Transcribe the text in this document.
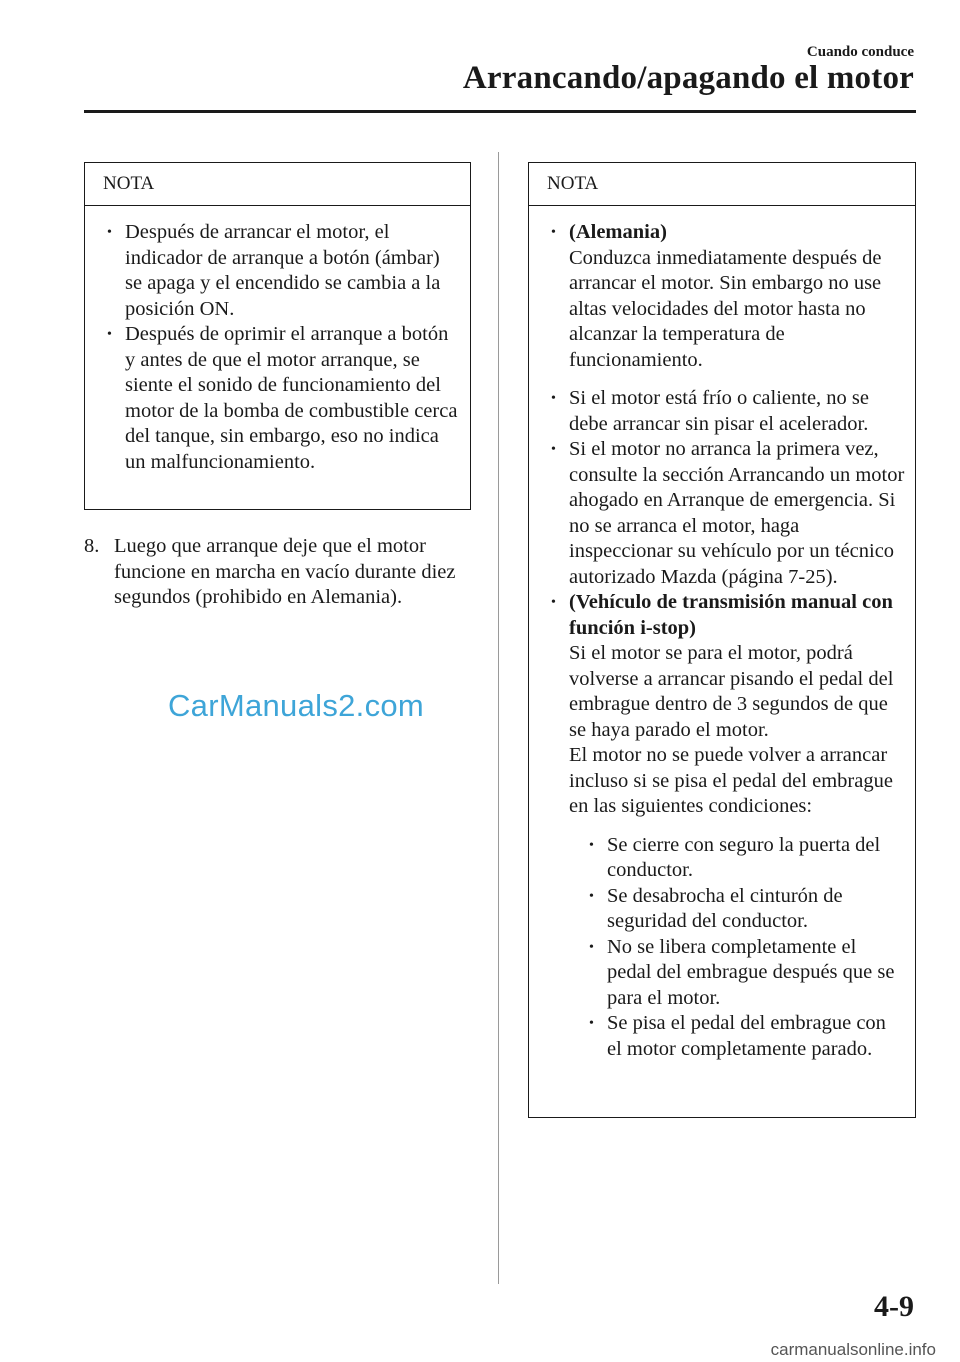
Cuando conduce
Arrancando/apagando el motor
NOTA
• Después de arrancar el motor, el indicador de arranque a botón (ámbar) se apaga y el encendido se cambia a la posición ON.
• Después de oprimir el arranque a botón y antes de que el motor arranque, se siente el sonido de funcionamiento del motor de la bomba de combustible cerca del tanque, sin embargo, eso no indica un malfuncionamiento.
8. Luego que arranque deje que el motor funcione en marcha en vacío durante diez segundos (prohibido en Alemania).
CarManuals2.com
NOTA
• (Alemania)
Conduzca inmediatamente después de arrancar el motor. Sin embargo no use altas velocidades del motor hasta no alcanzar la temperatura de funcionamiento.
• Si el motor está frío o caliente, no se debe arrancar sin pisar el acelerador.
• Si el motor no arranca la primera vez, consulte la sección Arrancando un motor ahogado en Arranque de emergencia. Si no se arranca el motor, haga inspeccionar su vehículo por un técnico autorizado Mazda (página 7-25).
• (Vehículo de transmisión manual con función i-stop)
Si el motor se para el motor, podrá volverse a arrancar pisando el pedal del embrague dentro de 3 segundos de que se haya parado el motor.
El motor no se puede volver a arrancar incluso si se pisa el pedal del embrague en las siguientes condiciones:
• Se cierre con seguro la puerta del conductor.
• Se desabrocha el cinturón de seguridad del conductor.
• No se libera completamente el pedal del embrague después que se para el motor.
• Se pisa el pedal del embrague con el motor completamente parado.
4-9
carmanualsonline.info
